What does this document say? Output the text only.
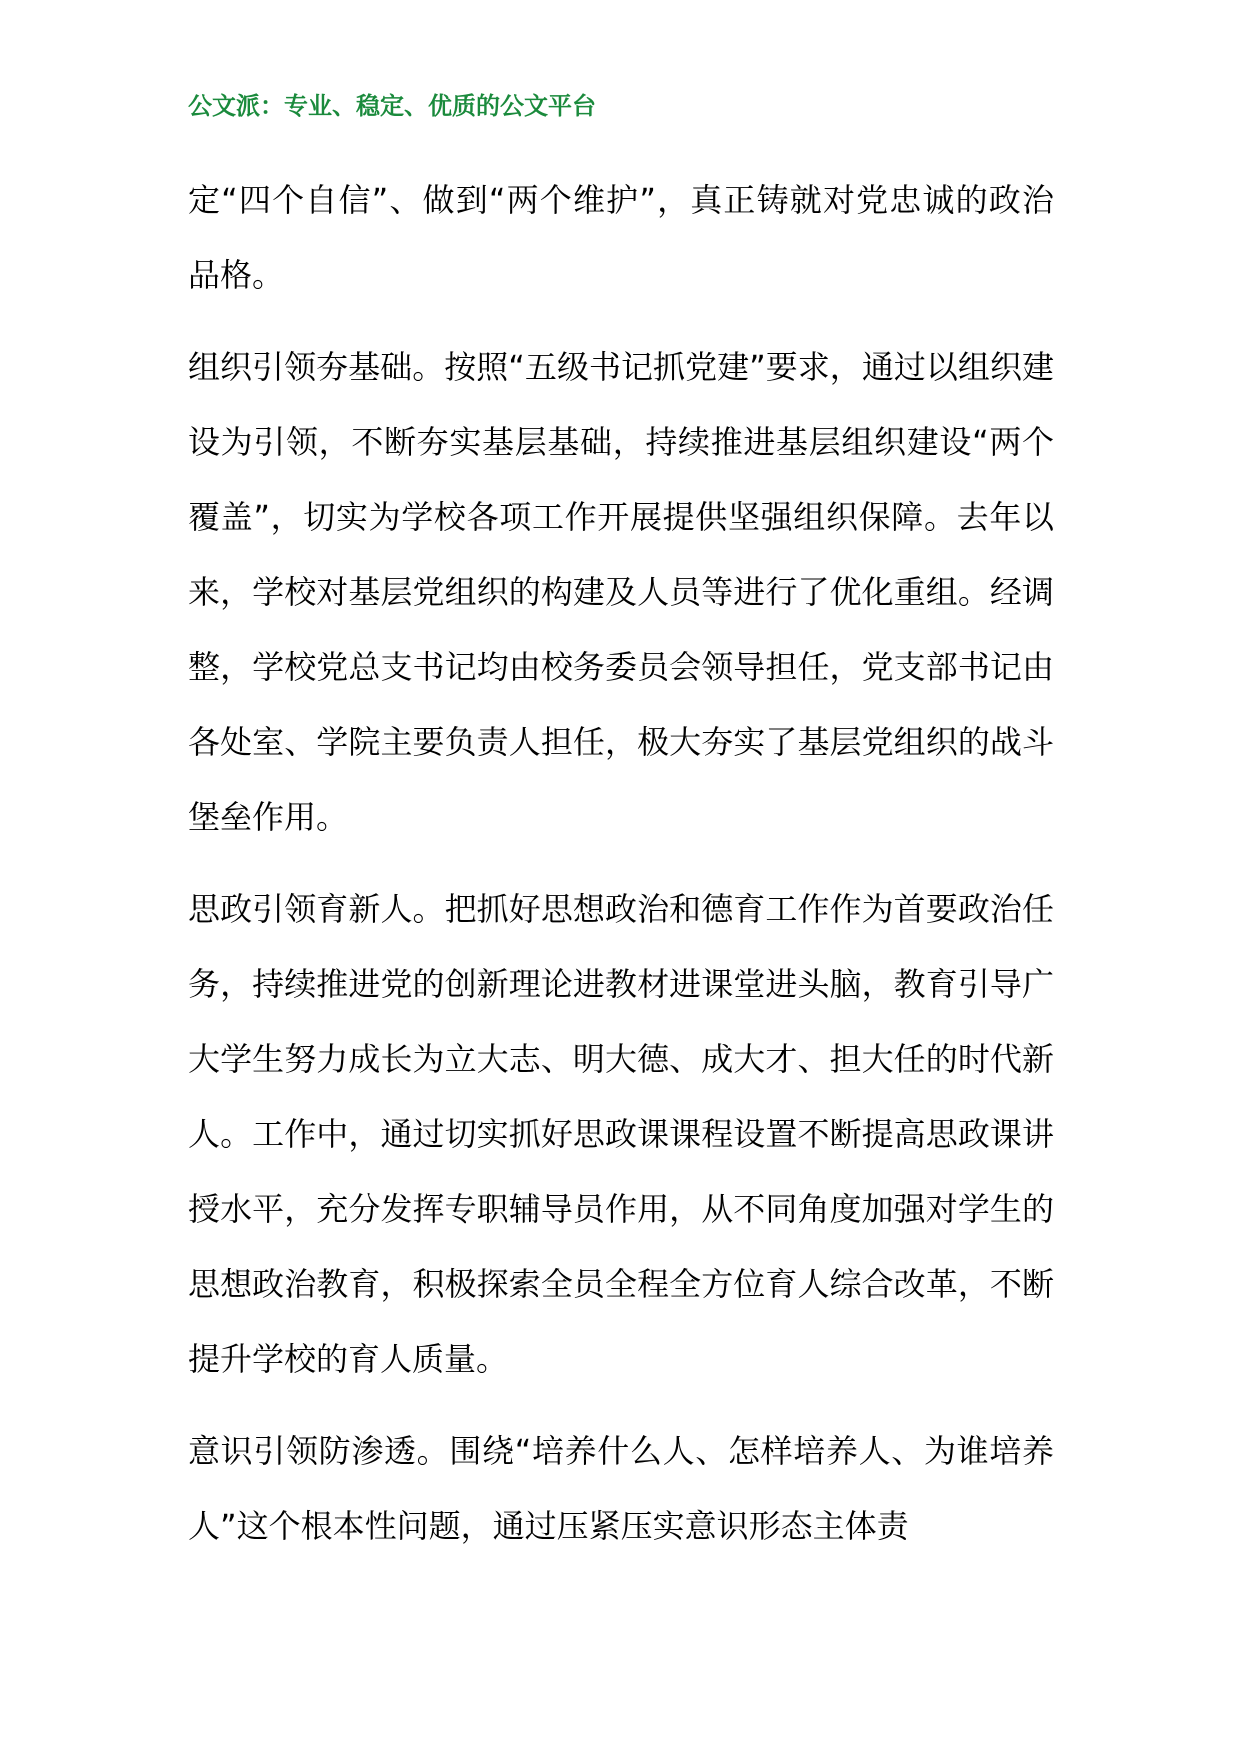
公文派：专业、稳定、优质的公文平台

定“四个自信”、做到“两个维护”，真正铸就对党忠诚的政治品格。

组织引领夯基础。按照“五级书记抓党建”要求，通过以组织建设为引领，不断夯实基层基础，持续推进基层组织建设“两个覆盖”，切实为学校各项工作开展提供坚强组织保障。去年以来，学校对基层党组织的构建及人员等进行了优化重组。经调整，学校党总支书记均由校务委员会领导担任，党支部书记由各处室、学院主要负责人担任，极大夯实了基层党组织的战斗堡垒作用。

思政引领育新人。把抓好思想政治和德育工作作为首要政治任务，持续推进党的创新理论进教材进课堂进头脑，教育引导广大学生努力成长为立大志、明大德、成大才、担大任的时代新人。工作中，通过切实抓好思政课课程设置不断提高思政课讲授水平，充分发挥专职辅导员作用，从不同角度加强对学生的思想政治教育，积极探索全员全程全方位育人综合改革，不断提升学校的育人质量。

意识引领防渗透。围绕“培养什么人、怎样培养人、为谁培养人”这个根本性问题，通过压紧压实意识形态主体责
